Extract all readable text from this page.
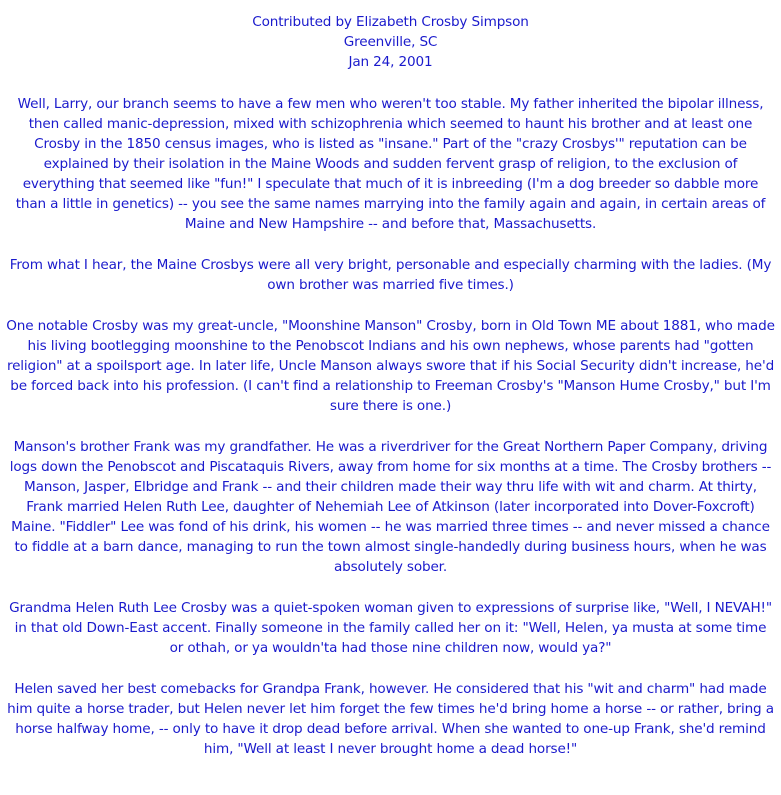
Contributed by Elizabeth Crosby Simpson
Greenville, SC
Jan 24, 2001

Well, Larry, our branch seems to have a few men who weren't too stable. My father inherited the bipolar illness, then called manic-depression, mixed with schizophrenia which seemed to haunt his brother and at least one Crosby in the 1850 census images, who is listed as "insane." Part of the "crazy Crosbys'" reputation can be explained by their isolation in the Maine Woods and sudden fervent grasp of religion, to the exclusion of everything that seemed like "fun!" I speculate that much of it is inbreeding (I'm a dog breeder so dabble more than a little in genetics) -- you see the same names marrying into the family again and again, in certain areas of Maine and New Hampshire -- and before that, Massachusetts.

From what I hear, the Maine Crosbys were all very bright, personable and especially charming with the ladies. (My own brother was married five times.)

One notable Crosby was my great-uncle, "Moonshine Manson" Crosby, born in Old Town ME about 1881, who made his living bootlegging moonshine to the Penobscot Indians and his own nephews, whose parents had "gotten religion" at a spoilsport age. In later life, Uncle Manson always swore that if his Social Security didn't increase, he'd be forced back into his profession. (I can't find a relationship to Freeman Crosby's "Manson Hume Crosby," but I'm sure there is one.)

Manson's brother Frank was my grandfather. He was a riverdriver for the Great Northern Paper Company, driving logs down the Penobscot and Piscataquis Rivers, away from home for six months at a time. The Crosby brothers -- Manson, Jasper, Elbridge and Frank -- and their children made their way thru life with wit and charm. At thirty, Frank married Helen Ruth Lee, daughter of Nehemiah Lee of Atkinson (later incorporated into Dover-Foxcroft) Maine. "Fiddler" Lee was fond of his drink, his women -- he was married three times -- and never missed a chance to fiddle at a barn dance, managing to run the town almost single-handedly during business hours, when he was absolutely sober.

Grandma Helen Ruth Lee Crosby was a quiet-spoken woman given to expressions of surprise like, "Well, I NEVAH!" in that old Down-East accent. Finally someone in the family called her on it: "Well, Helen, ya musta at some time or othah, or ya wouldn'ta had those nine children now, would ya?"

Helen saved her best comebacks for Grandpa Frank, however. He considered that his "wit and charm" had made him quite a horse trader, but Helen never let him forget the few times he'd bring home a horse -- or rather, bring a horse halfway home, -- only to have it drop dead before arrival. When she wanted to one-up Frank, she'd remind him, "Well at least I never brought home a dead horse!"
